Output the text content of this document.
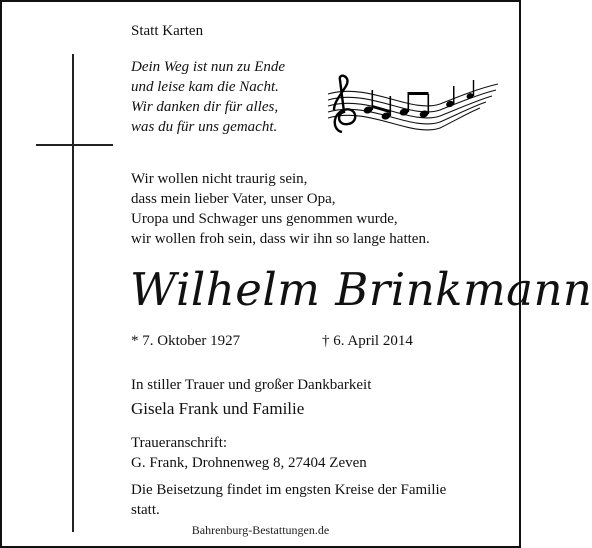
Statt Karten
Dein Weg ist nun zu Ende
und leise kam die Nacht.
Wir danken dir für alles,
was du für uns gemacht.
Wir wollen nicht traurig sein,
dass mein lieber Vater, unser Opa,
Uropa und Schwager uns genommen wurde,
wir wollen froh sein, dass wir ihn so lange hatten.
Wilhelm Brinkmann
* 7. Oktober 1927	† 6. April 2014
In stiller Trauer und großer Dankbarkeit
Gisela Frank und Familie
Traueranschrift:
G. Frank, Drohnenweg 8, 27404 Zeven
Die Beisetzung findet im engsten Kreise der Familie
statt.
Bahrenburg-Bestattungen.de
